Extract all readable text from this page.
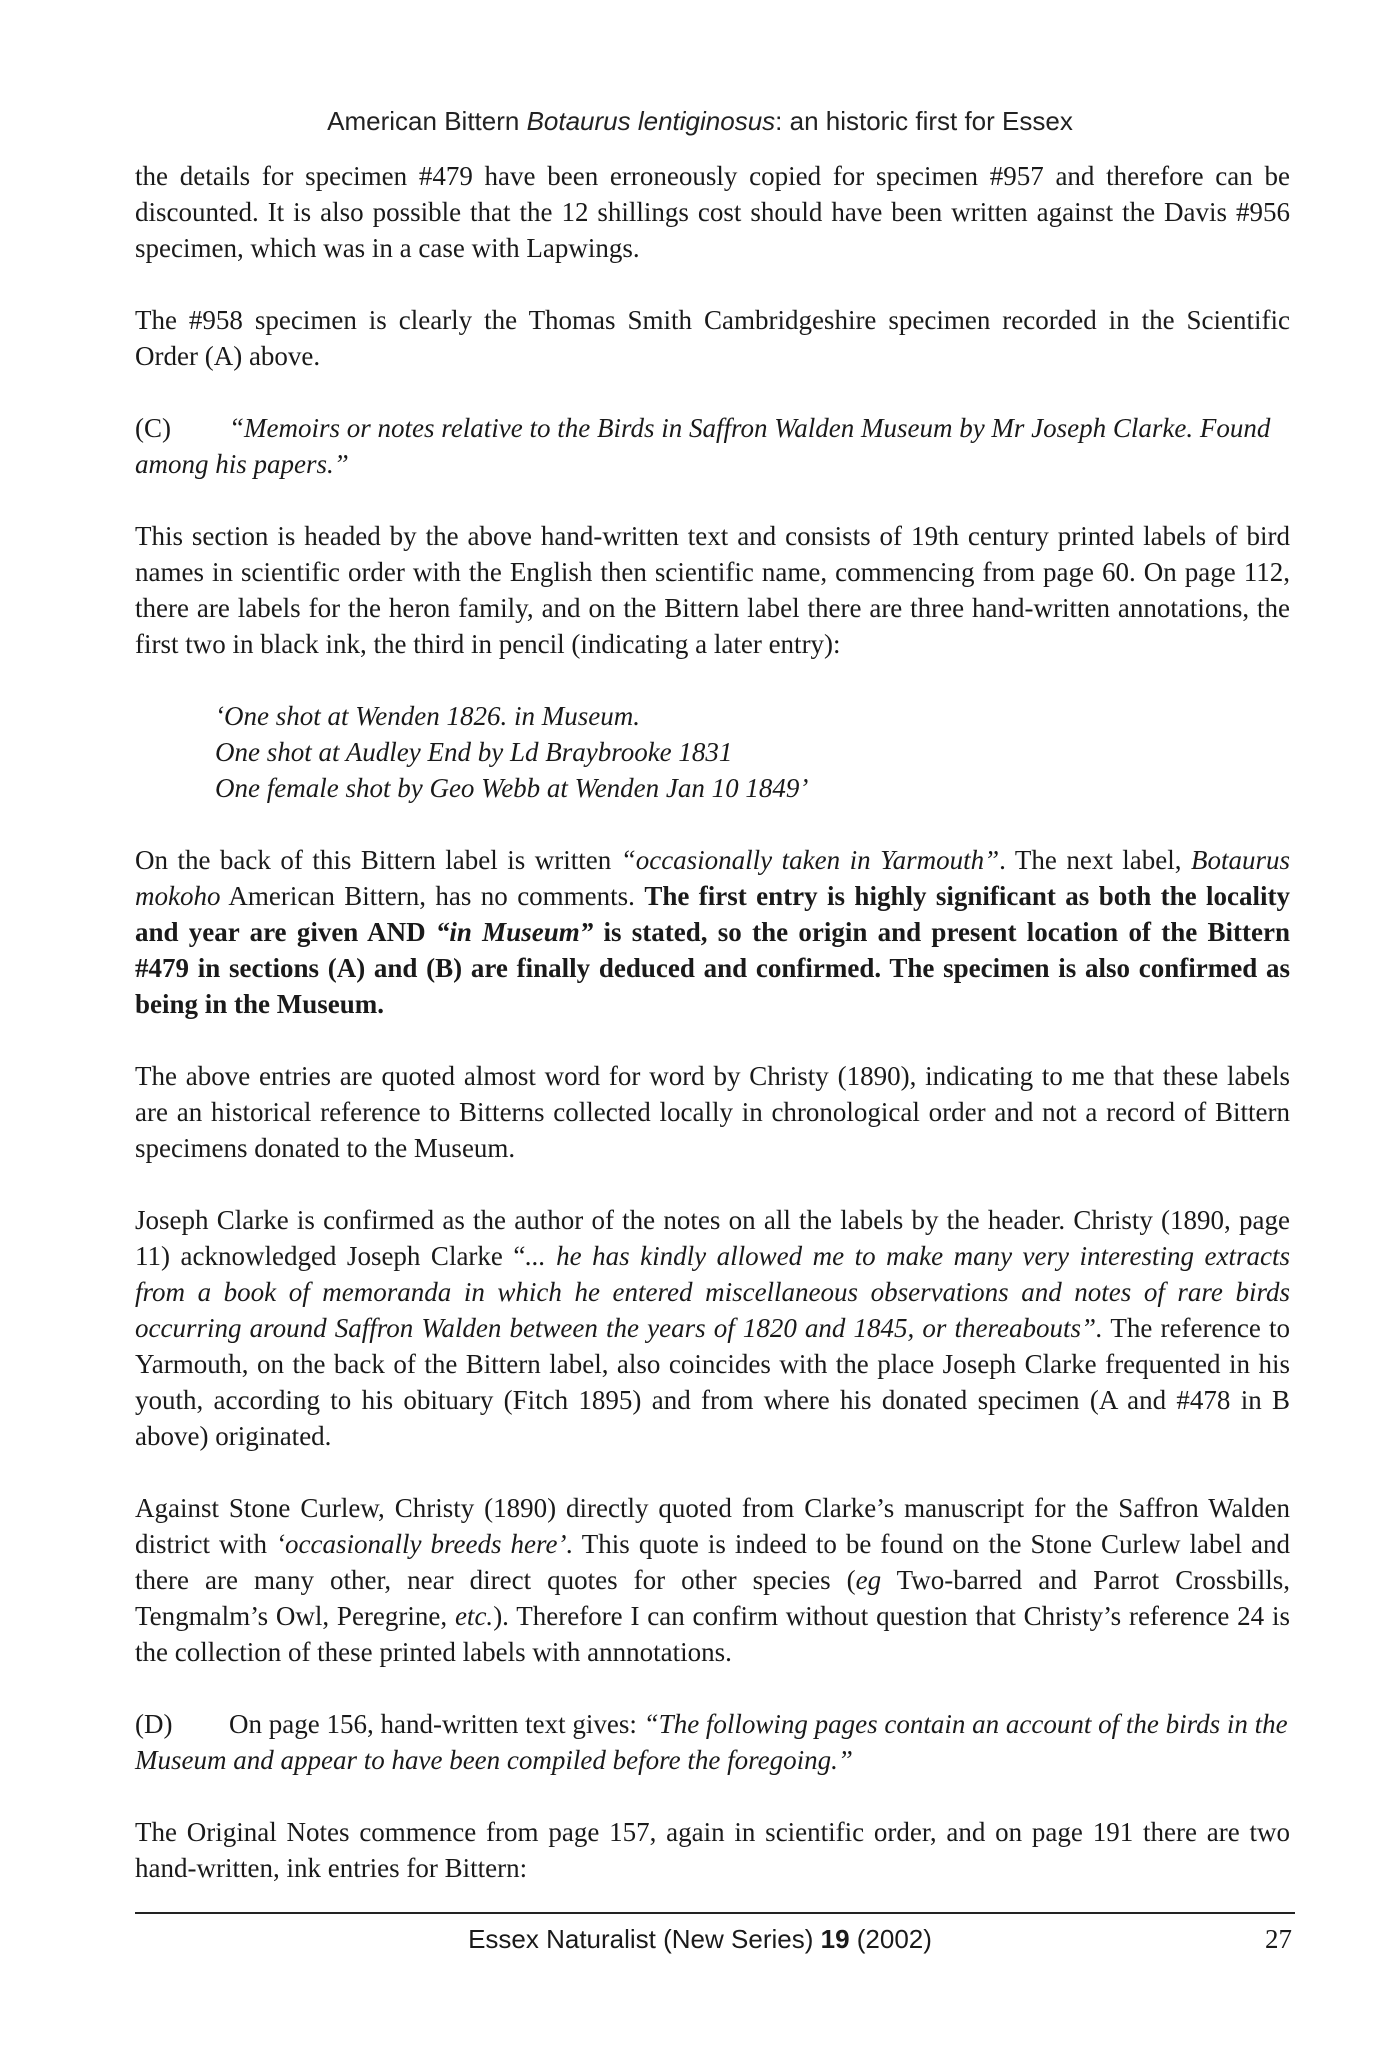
American Bittern Botaurus lentiginosus: an historic first for Essex

the details for specimen #479 have been erroneously copied for specimen #957 and therefore can be discounted. It is also possible that the 12 shillings cost should have been written against the Davis #956 specimen, which was in a case with Lapwings.

The #958 specimen is clearly the Thomas Smith Cambridgeshire specimen recorded in the Scientific Order (A) above.

(C) “Memoirs or notes relative to the Birds in Saffron Walden Museum by Mr Joseph Clarke. Found among his papers.”

This section is headed by the above hand-written text and consists of 19th century printed labels of bird names in scientific order with the English then scientific name, commencing from page 60. On page 112, there are labels for the heron family, and on the Bittern label there are three hand-written annotations, the first two in black ink, the third in pencil (indicating a later entry):

‘One shot at Wenden 1826. in Museum.
One shot at Audley End by Ld Braybrooke 1831
One female shot by Geo Webb at Wenden Jan 10 1849’

On the back of this Bittern label is written “occasionally taken in Yarmouth”. The next label, Botaurus mokoho American Bittern, has no comments. The first entry is highly significant as both the locality and year are given AND “in Museum” is stated, so the origin and present location of the Bittern #479 in sections (A) and (B) are finally deduced and confirmed. The specimen is also confirmed as being in the Museum.

The above entries are quoted almost word for word by Christy (1890), indicating to me that these labels are an historical reference to Bitterns collected locally in chronological order and not a record of Bittern specimens donated to the Museum.

Joseph Clarke is confirmed as the author of the notes on all the labels by the header. Christy (1890, page 11) acknowledged Joseph Clarke “... he has kindly allowed me to make many very interesting extracts from a book of memoranda in which he entered miscellaneous observations and notes of rare birds occurring around Saffron Walden between the years of 1820 and 1845, or thereabouts”. The reference to Yarmouth, on the back of the Bittern label, also coincides with the place Joseph Clarke frequented in his youth, according to his obituary (Fitch 1895) and from where his donated specimen (A and #478 in B above) originated.

Against Stone Curlew, Christy (1890) directly quoted from Clarke’s manuscript for the Saffron Walden district with ‘occasionally breeds here’. This quote is indeed to be found on the Stone Curlew label and there are many other, near direct quotes for other species (eg Two-barred and Parrot Crossbills, Tengmalm’s Owl, Peregrine, etc.). Therefore I can confirm without question that Christy’s reference 24 is the collection of these printed labels with annnotations.

(D) On page 156, hand-written text gives: “The following pages contain an account of the birds in the Museum and appear to have been compiled before the foregoing.”

The Original Notes commence from page 157, again in scientific order, and on page 191 there are two hand-written, ink entries for Bittern:

Essex Naturalist (New Series) 19 (2002)	27
